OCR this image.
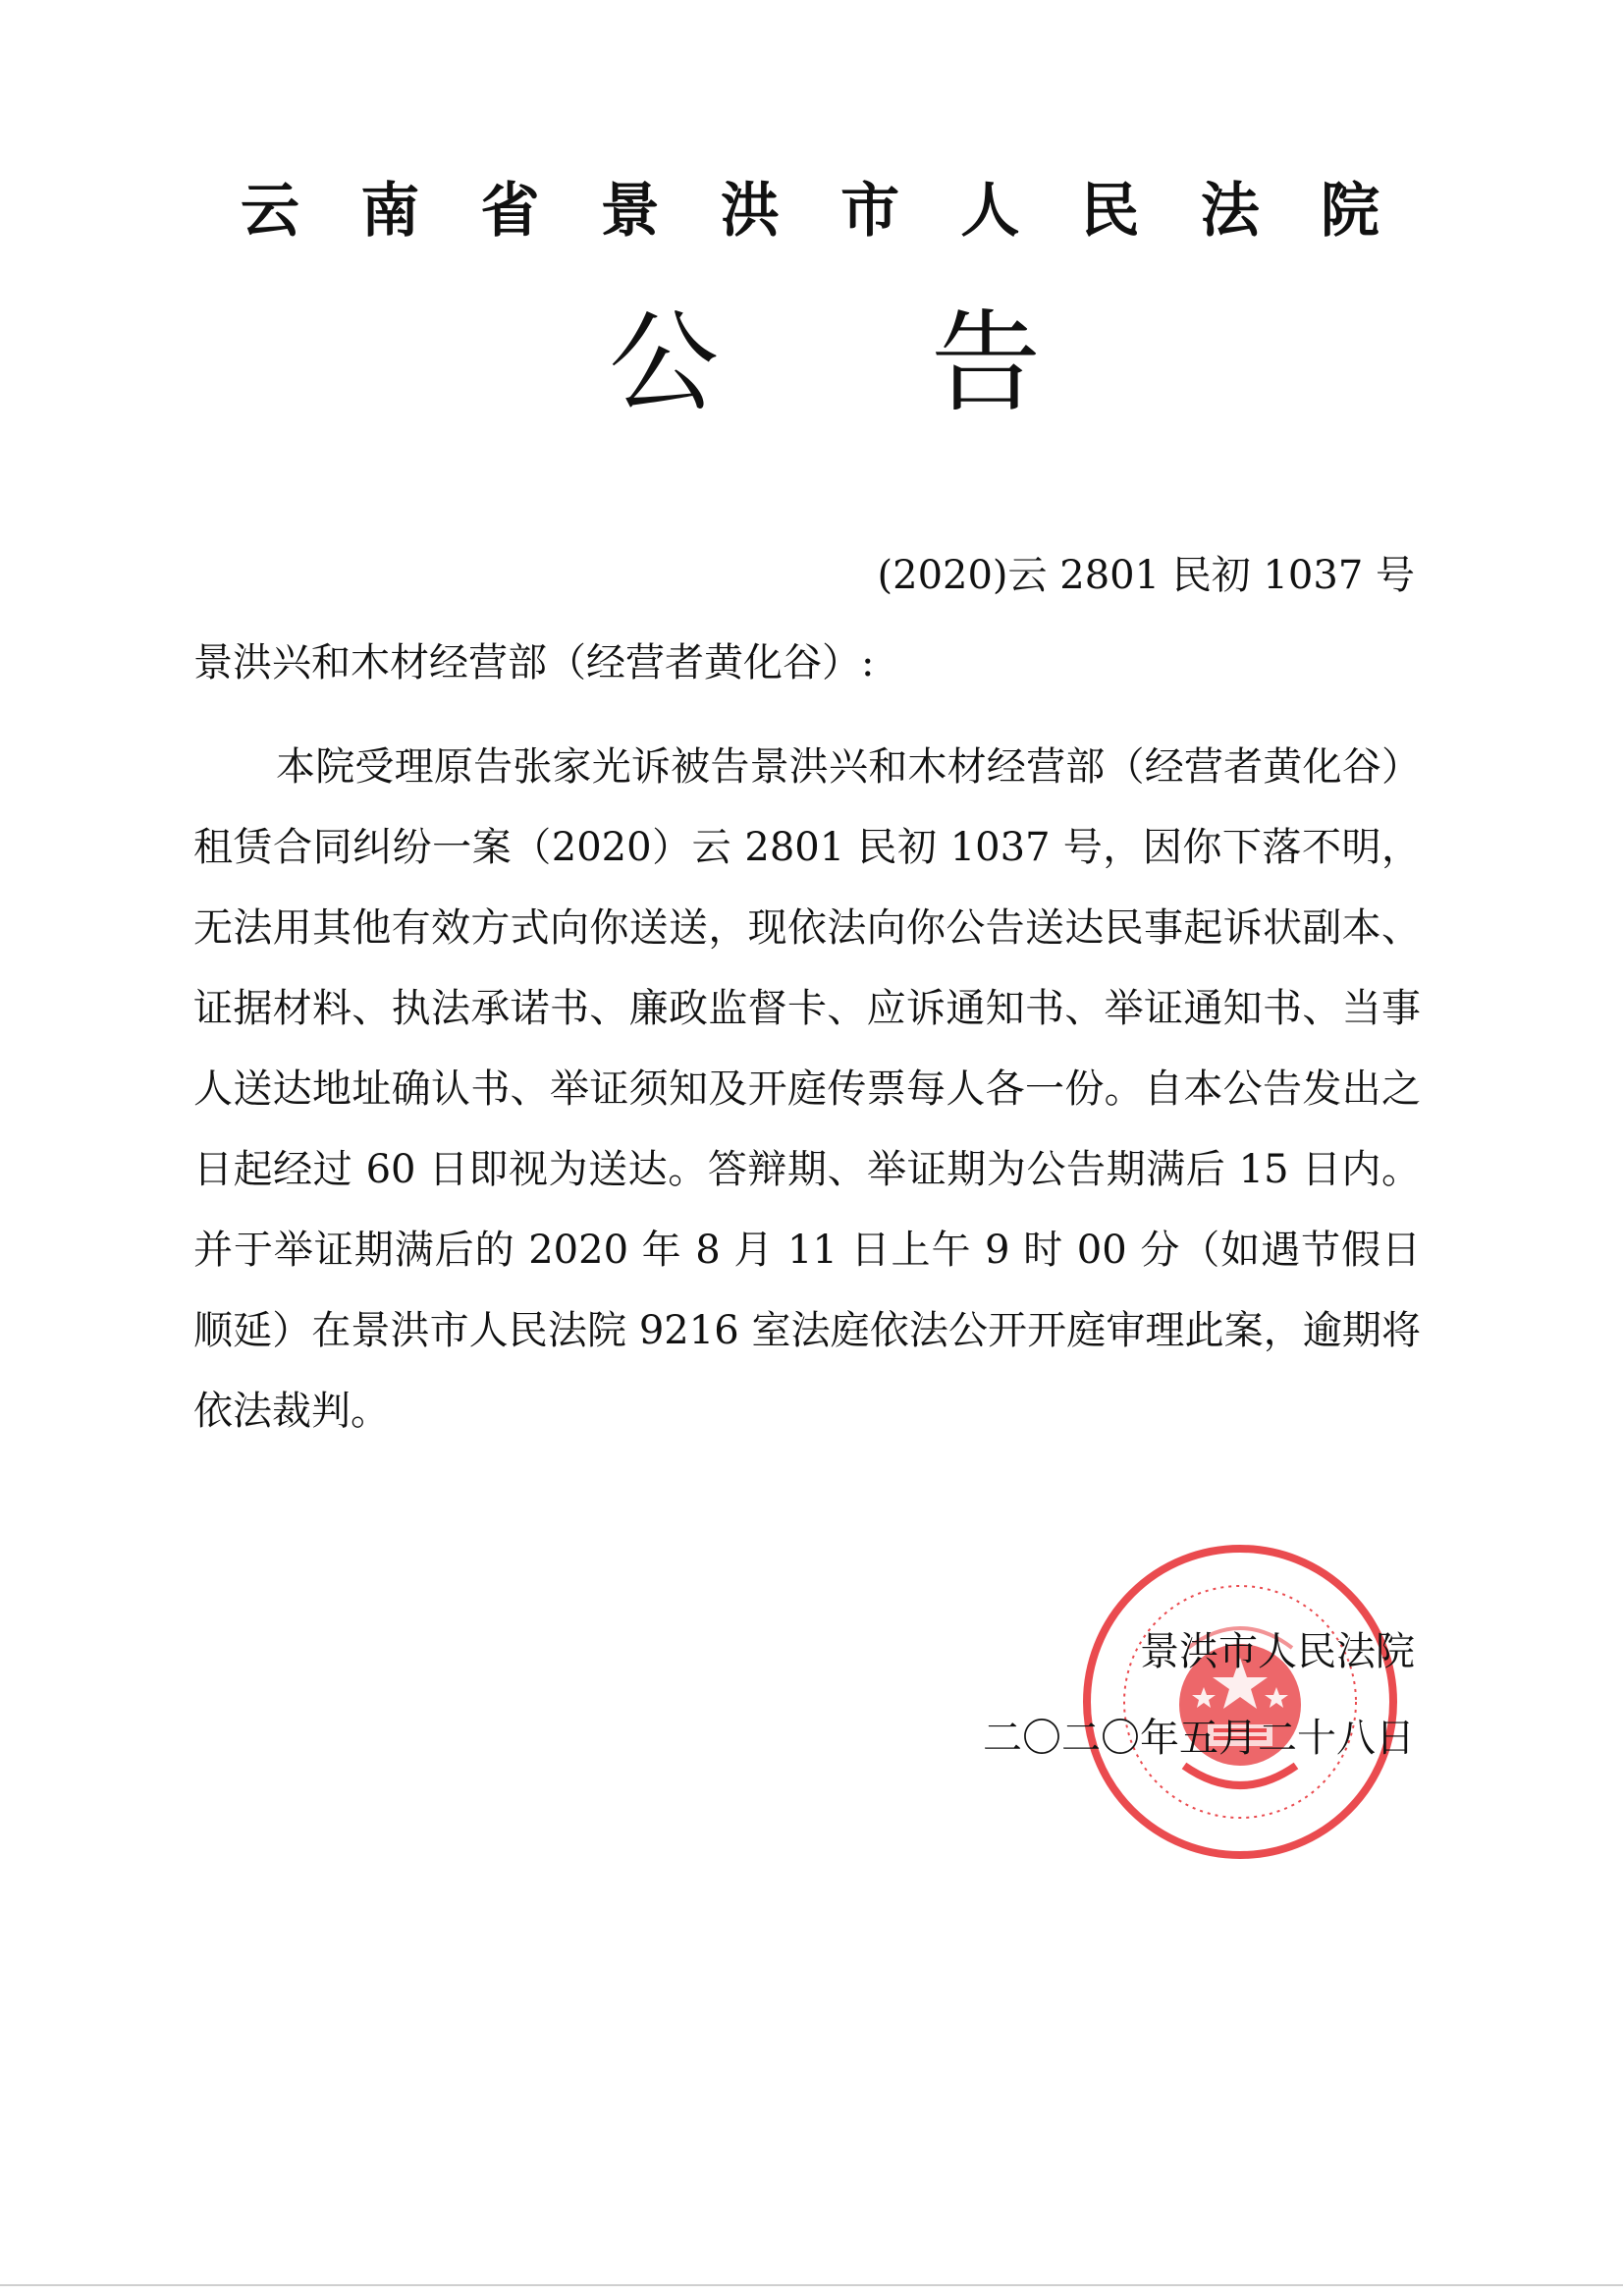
云 南 省 景 洪 市 人 民 法 院
公 告
(2020)云 2801 民初 1037 号
景洪兴和木材经营部（经营者黄化谷）:

本院受理原告张家光诉被告景洪兴和木材经营部（经营者黄化谷）租赁合同纠纷一案（2020）云 2801 民初 1037 号，因你下落不明，无法用其他有效方式向你送送，现依法向你公告送达民事起诉状副本、证据材料、执法承诺书、廉政监督卡、应诉通知书、举证通知书、当事人送达地址确认书、举证须知及开庭传票每人各一份。自本公告发出之日起经过 60 日即视为送达。答辩期、举证期为公告期满后 15 日内。并于举证期满后的 2020 年 8 月 11 日上午 9 时 00 分（如遇节假日顺延）在景洪市人民法院 9216 室法庭依法公开开庭审理此案，逾期将依法裁判。

景洪市人民法院
二〇二〇年五月二十八日
